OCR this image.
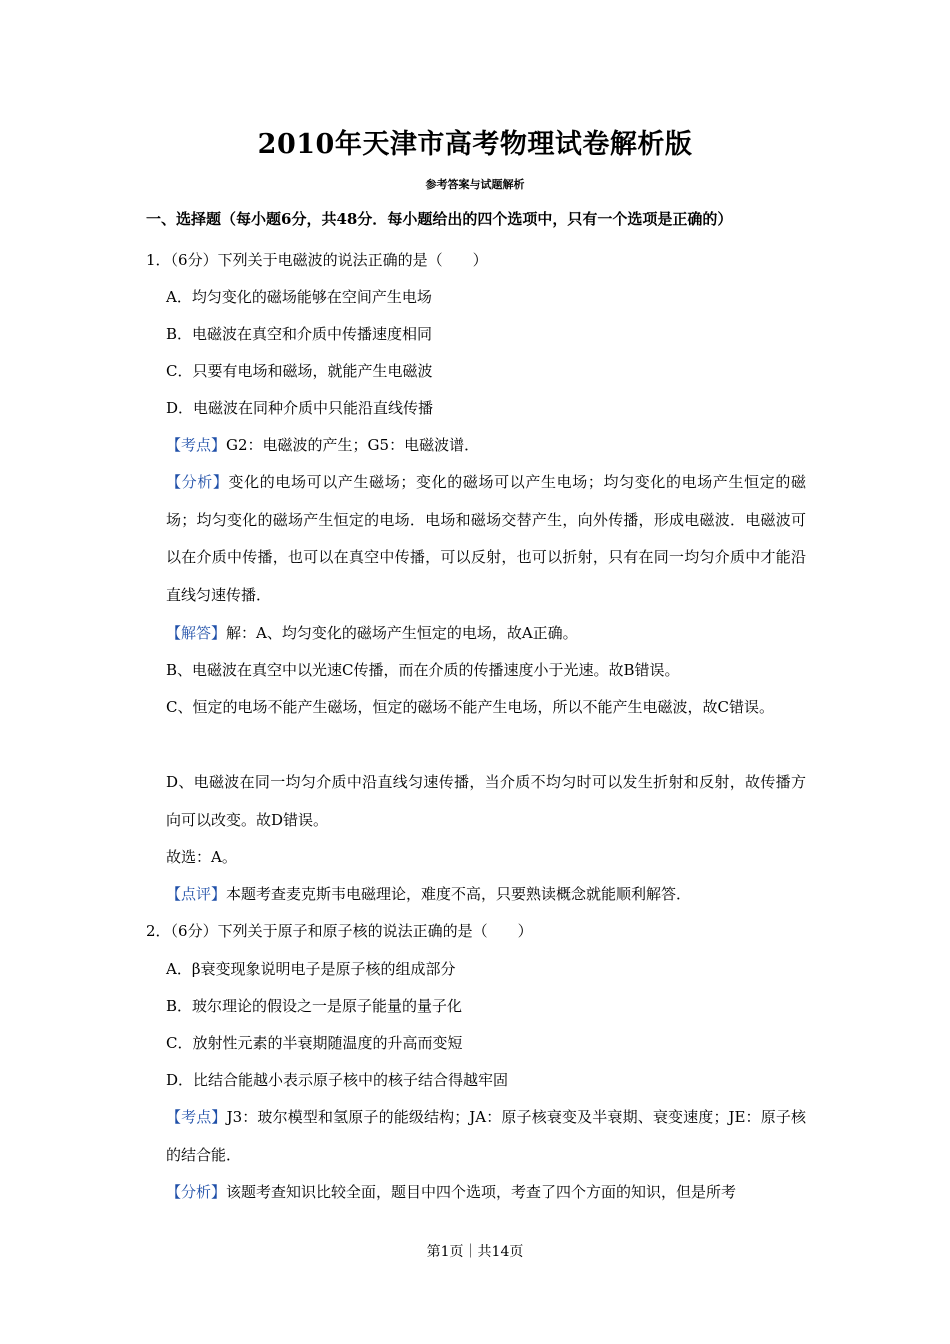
2010年天津市高考物理试卷解析版
参考答案与试题解析
一、选择题（每小题6分，共48分．每小题给出的四个选项中，只有一个选项是正确的）
1．（6分）下列关于电磁波的说法正确的是（　　）
A．均匀变化的磁场能够在空间产生电场
B．电磁波在真空和介质中传播速度相同
C．只要有电场和磁场，就能产生电磁波
D．电磁波在同种介质中只能沿直线传播
【考点】G2：电磁波的产生；G5：电磁波谱．
【分析】变化的电场可以产生磁场；变化的磁场可以产生电场；均匀变化的电场产生恒定的磁场；均匀变化的磁场产生恒定的电场．电场和磁场交替产生，向外传播，形成电磁波．电磁波可以在介质中传播，也可以在真空中传播，可以反射，也可以折射，只有在同一均匀介质中才能沿直线匀速传播．
【解答】解：A、均匀变化的磁场产生恒定的电场，故A正确。
B、电磁波在真空中以光速C传播，而在介质的传播速度小于光速。故B错误。
C、恒定的电场不能产生磁场，恒定的磁场不能产生电场，所以不能产生电磁波，故C错误。
D、电磁波在同一均匀介质中沿直线匀速传播，当介质不均匀时可以发生折射和反射，故传播方向可以改变。故D错误。
故选：A。
【点评】本题考查麦克斯韦电磁理论，难度不高，只要熟读概念就能顺利解答．
2．（6分）下列关于原子和原子核的说法正确的是（　　）
A．β衰变现象说明电子是原子核的组成部分
B．玻尔理论的假设之一是原子能量的量子化
C．放射性元素的半衰期随温度的升高而变短
D．比结合能越小表示原子核中的核子结合得越牢固
【考点】J3：玻尔模型和氢原子的能级结构；JA：原子核衰变及半衰期、衰变速度；JE：原子核的结合能．
【分析】该题考查知识比较全面，题目中四个选项，考查了四个方面的知识，但是所考
第1页｜共14页
